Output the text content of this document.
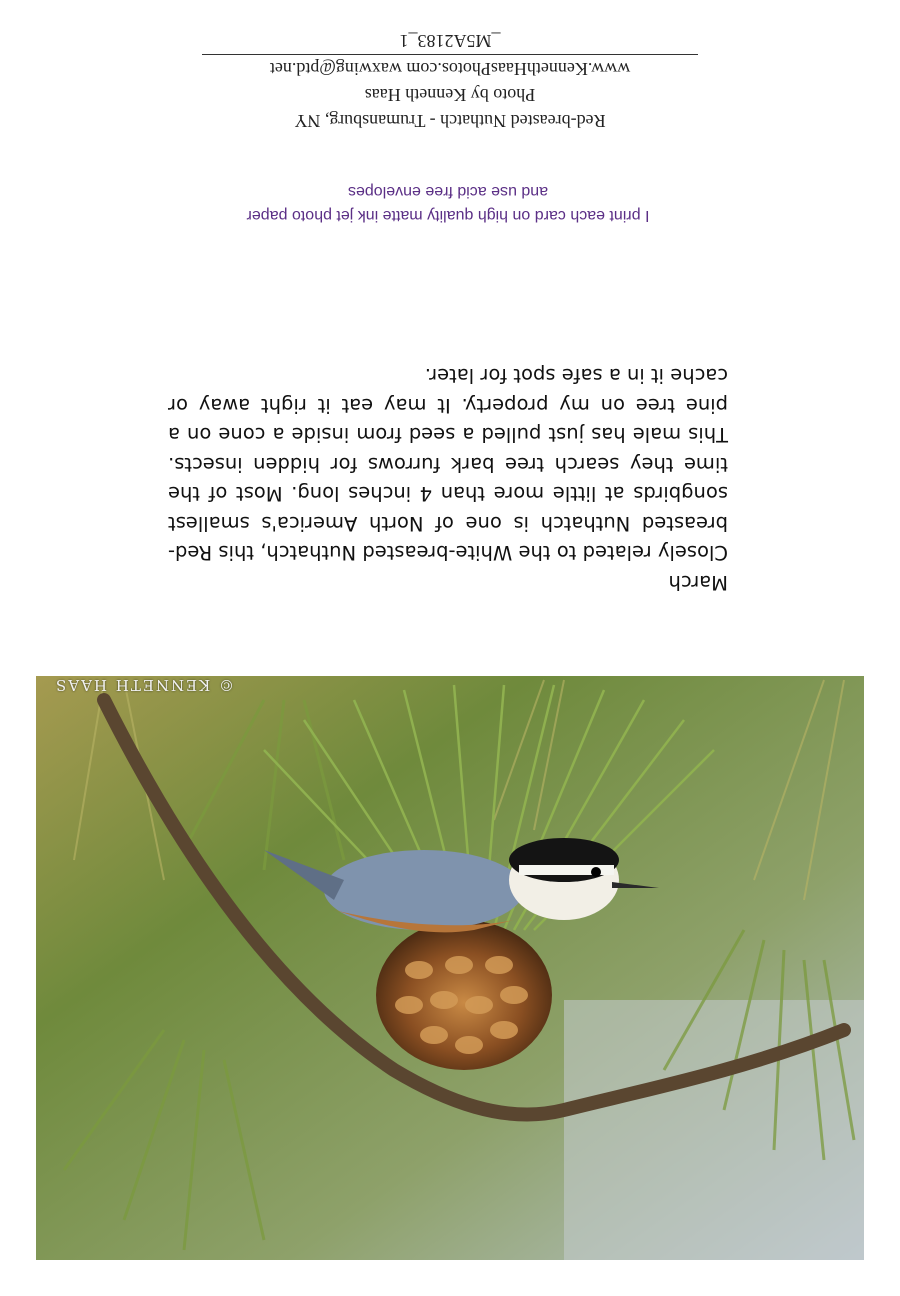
© KENNETH HAAS
March
Closely related to the White-breasted Nuthatch, this Red-breasted Nuthatch is one of North America's smallest songbirds at little more than 4 inches long. Most of the time they search tree bark furrows for hidden insects. This male has just pulled a seed from inside a cone on a pine tree on my property. It may eat it right away or cache it in a safe spot for later.
I print each card on high quality matte ink jet photo paper
and use acid free envelopes
Red-breasted Nuthatch - Trumansburg, NY
Photo by Kenneth Haas
www.KennethHaasPhotos.com waxwing@ptd.net
_M5A2183_1
